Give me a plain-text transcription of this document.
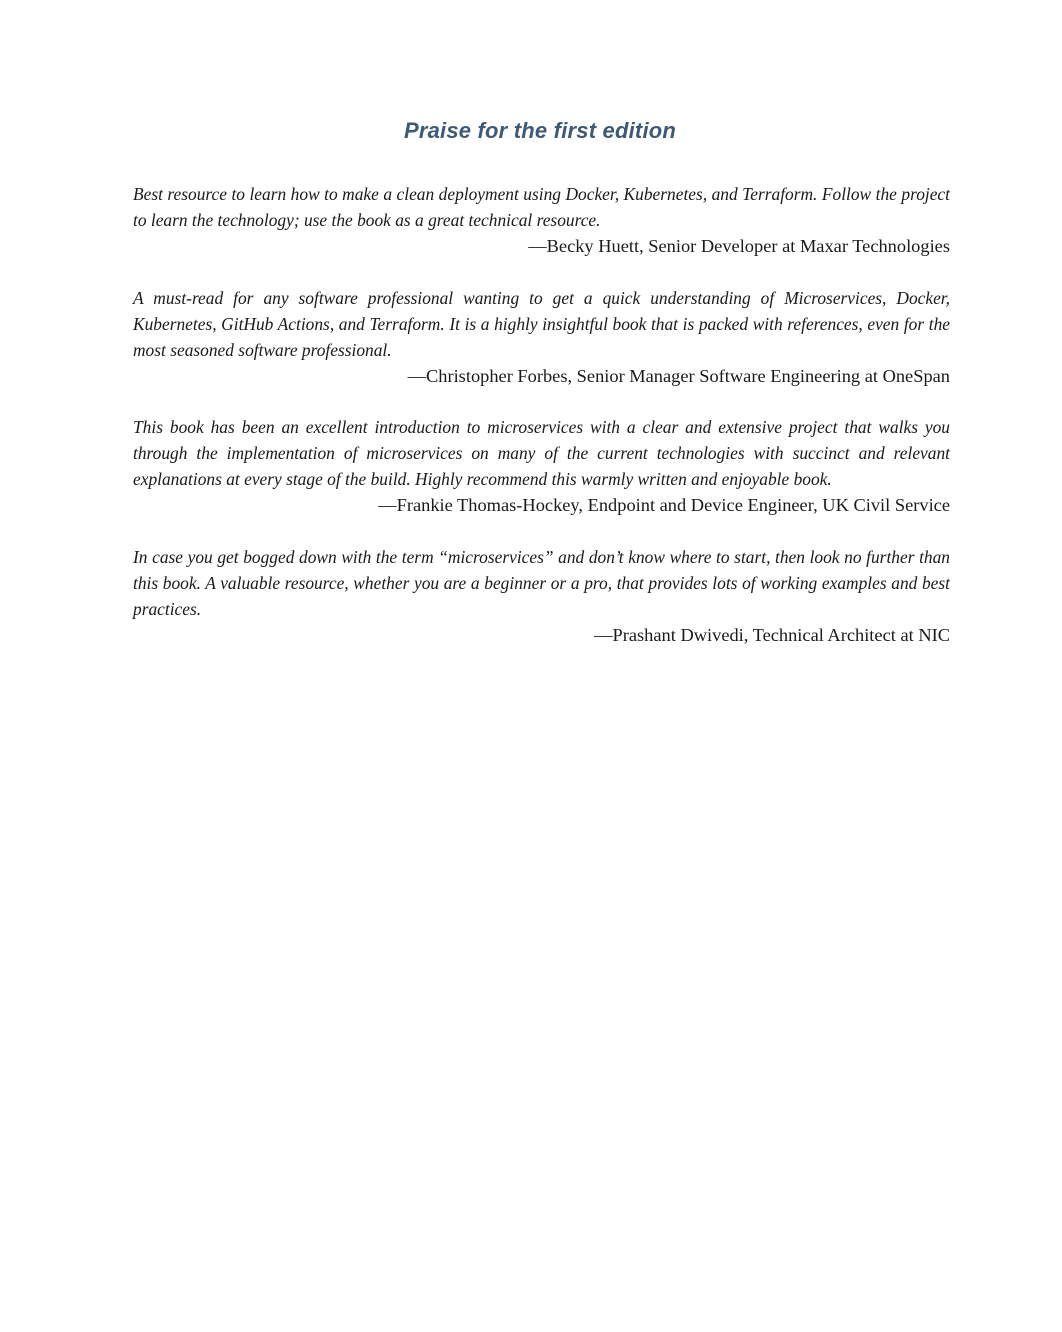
Praise for the first edition

Best resource to learn how to make a clean deployment using Docker, Kubernetes, and Terraform. Follow the project to learn the technology; use the book as a great technical resource.

—Becky Huett, Senior Developer at Maxar Technologies

A must-read for any software professional wanting to get a quick understanding of Microservices, Docker, Kubernetes, GitHub Actions, and Terraform. It is a highly insightful book that is packed with references, even for the most seasoned software professional.

—Christopher Forbes, Senior Manager Software Engineering at OneSpan

This book has been an excellent introduction to microservices with a clear and extensive project that walks you through the implementation of microservices on many of the current technologies with succinct and relevant explanations at every stage of the build. Highly recommend this warmly written and enjoyable book.

—Frankie Thomas-Hockey, Endpoint and Device Engineer, UK Civil Service

In case you get bogged down with the term “microservices” and don’t know where to start, then look no further than this book. A valuable resource, whether you are a beginner or a pro, that provides lots of working examples and best practices.

—Prashant Dwivedi, Technical Architect at NIC
